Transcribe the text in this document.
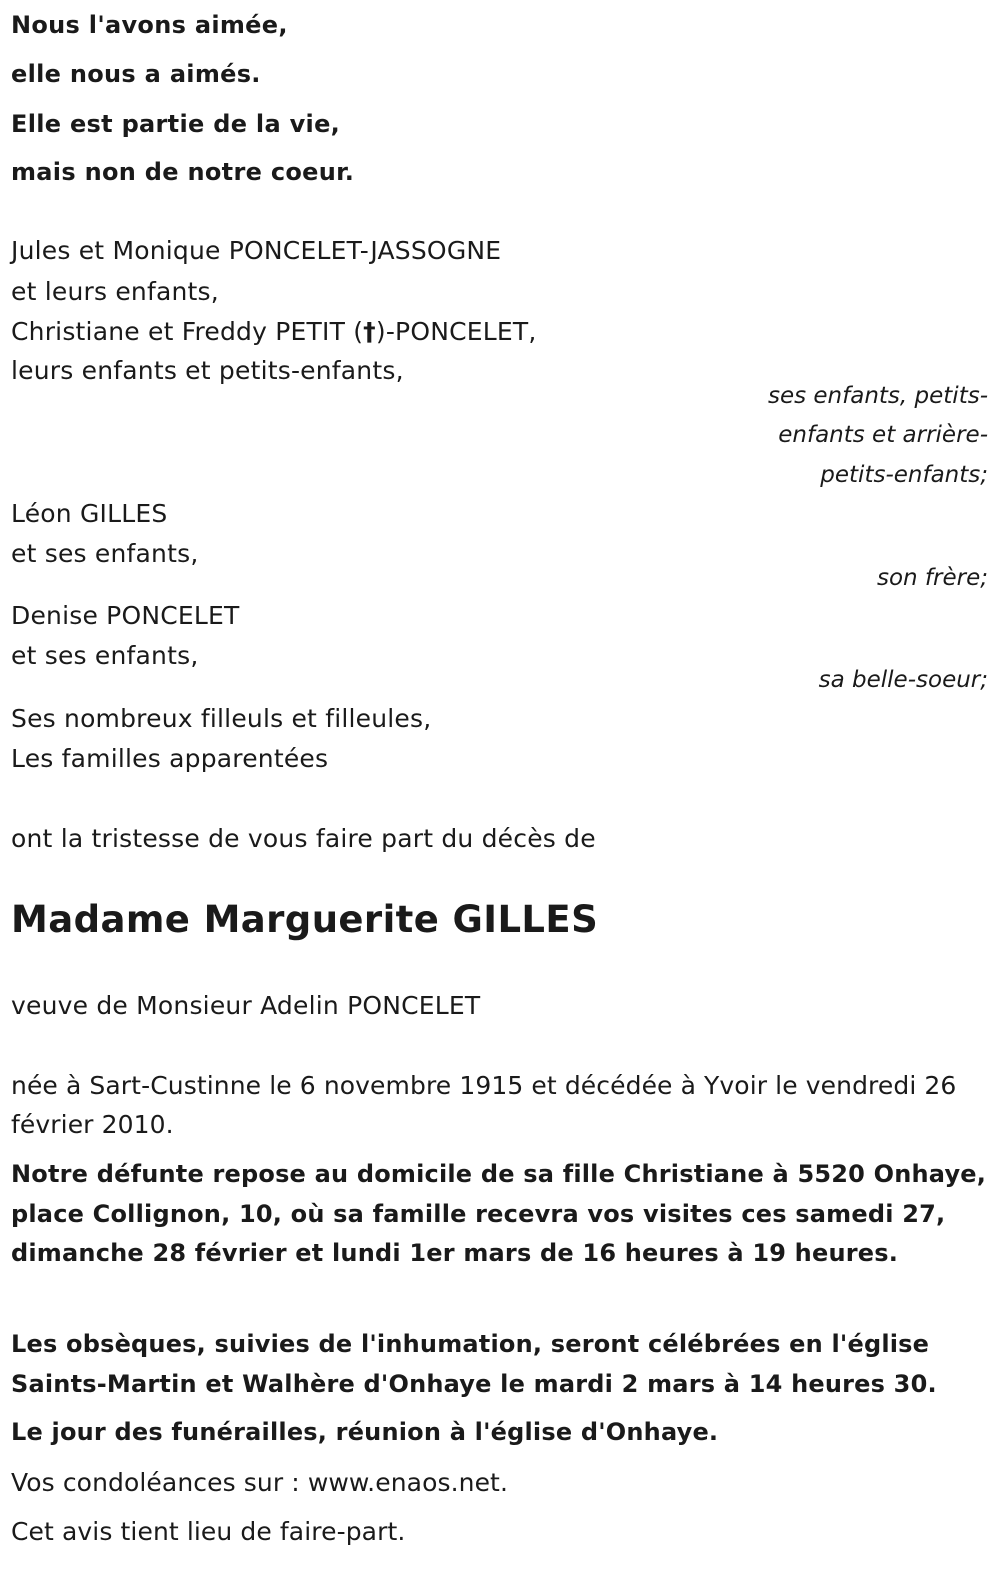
Nous l'avons aimée,
elle nous a aimés.
Elle est partie de la vie,
mais non de notre coeur.
Jules et Monique PONCELET-JASSOGNE
et leurs enfants,
Christiane et Freddy PETIT (†)-PONCELET,
leurs enfants et petits-enfants,
ses enfants, petits-
enfants et arrière-
petits-enfants;
Léon GILLES
et ses enfants,
son frère;
Denise PONCELET
et ses enfants,
sa belle-soeur;
Ses nombreux filleuls et filleules,
Les familles apparentées
ont la tristesse de vous faire part du décès de
Madame Marguerite GILLES
veuve de Monsieur Adelin PONCELET
née à Sart-Custinne le 6 novembre 1915 et décédée à Yvoir le vendredi 26 février 2010.
Notre défunte repose au domicile de sa fille Christiane à 5520 Onhaye, place Collignon, 10, où sa famille recevra vos visites ces samedi 27, dimanche 28 février et lundi 1er mars de 16 heures à 19 heures.
Les obsèques, suivies de l'inhumation, seront célébrées en l'église Saints-Martin et Walhère d'Onhaye le mardi 2 mars à 14 heures 30.
Le jour des funérailles, réunion à l'église d'Onhaye.
Vos condoléances sur : www.enaos.net.
Cet avis tient lieu de faire-part.
